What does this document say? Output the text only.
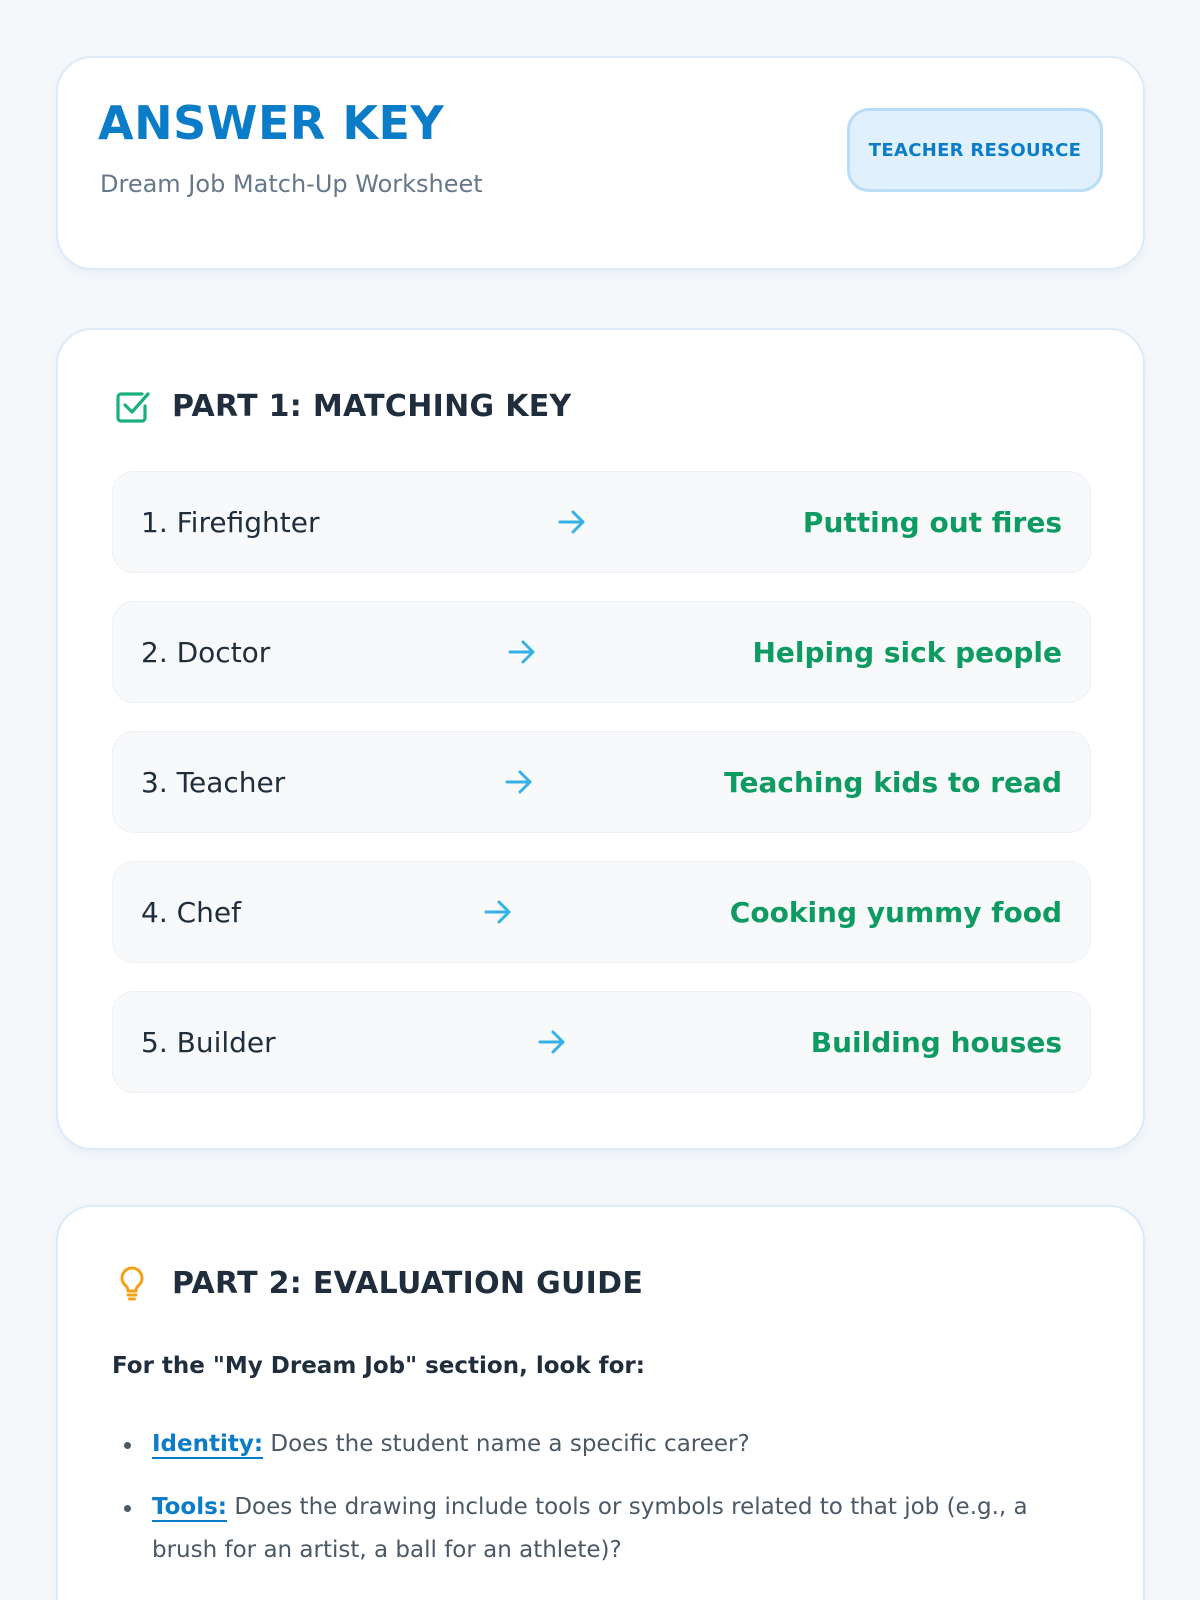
ANSWER KEY
Dream Job Match-Up Worksheet
TEACHER RESOURCE
PART 1: MATCHING KEY
1. Firefighter	Putting out fires
2. Doctor	Helping sick people
3. Teacher	Teaching kids to read
4. Chef	Cooking yummy food
5. Builder	Building houses
PART 2: EVALUATION GUIDE
For the "My Dream Job" section, look for:
Identity: Does the student name a specific career?
Tools: Does the drawing include tools or symbols related to that job (e.g., a brush for an artist, a ball for an athlete)?
